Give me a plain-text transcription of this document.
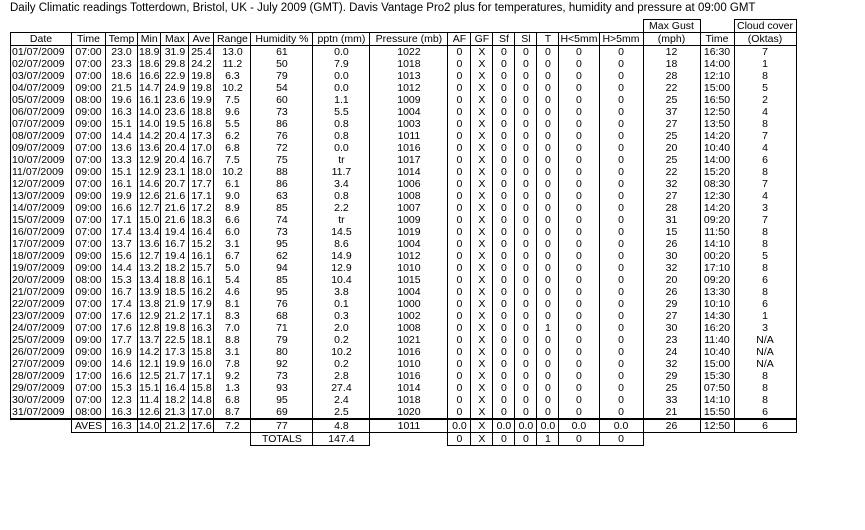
Daily Climatic readings Totterdown, Bristol, UK - July 2009 (GMT). Davis Vantage Pro2 plus for temperatures, humidity and pressure at 09:00 GMT
																	Max Gust		Cloud cover
Date	Time	Temp	Min	Max	Ave	Range	Humidity %	pptn (mm)	Pressure (mb)	AF	GF	Sf	Sl	T	H<5mm	H>5mm	(mph)	Time	(Oktas)
01/07/2009	07:00	23.0	18.9	31.9	25.4	13.0	61	0.0	1022	0	X	0	0	0	0	0	12	16:30	7
02/07/2009	07:00	23.3	18.6	29.8	24.2	11.2	50	7.9	1018	0	X	0	0	0	0	0	18	14:00	1
03/07/2009	07:00	18.6	16.6	22.9	19.8	6.3	79	0.0	1013	0	X	0	0	0	0	0	28	12:10	8
04/07/2009	09:00	21.5	14.7	24.9	19.8	10.2	54	0.0	1012	0	X	0	0	0	0	0	22	15:00	5
05/07/2009	08:00	19.6	16.1	23.6	19.9	7.5	60	1.1	1009	0	X	0	0	0	0	0	25	16:50	2
06/07/2009	09:00	16.3	14.0	23.6	18.8	9.6	73	5.5	1004	0	X	0	0	0	0	0	37	12:50	4
07/07/2009	09:00	15.1	14.0	19.5	16.8	5.5	86	0.8	1003	0	X	0	0	0	0	0	27	13:50	8
08/07/2009	07:00	14.4	14.2	20.4	17.3	6.2	76	0.8	1011	0	X	0	0	0	0	0	25	14:20	7
09/07/2009	07:00	13.6	13.6	20.4	17.0	6.8	72	0.0	1016	0	X	0	0	0	0	0	20	10:40	4
10/07/2009	07:00	13.3	12.9	20.4	16.7	7.5	75	tr	1017	0	X	0	0	0	0	0	25	14:00	6
11/07/2009	09:00	15.1	12.9	23.1	18.0	10.2	88	11.7	1014	0	X	0	0	0	0	0	22	15:20	8
12/07/2009	07:00	16.1	14.6	20.7	17.7	6.1	86	3.4	1006	0	X	0	0	0	0	0	32	08:30	7
13/07/2009	09:00	19.9	12.6	21.6	17.1	9.0	63	0.8	1008	0	X	0	0	0	0	0	27	12:30	4
14/07/2009	09:00	16.6	12.7	21.6	17.2	8.9	85	2.2	1007	0	X	0	0	0	0	0	28	14:20	3
15/07/2009	07:00	17.1	15.0	21.6	18.3	6.6	74	tr	1009	0	X	0	0	0	0	0	31	09:20	7
16/07/2009	07:00	17.4	13.4	19.4	16.4	6.0	73	14.5	1019	0	X	0	0	0	0	0	15	11:50	8
17/07/2009	07:00	13.7	13.6	16.7	15.2	3.1	95	8.6	1004	0	X	0	0	0	0	0	26	14:10	8
18/07/2009	09:00	15.6	12.7	19.4	16.1	6.7	62	14.9	1012	0	X	0	0	0	0	0	30	00:20	5
19/07/2009	09:00	14.4	13.2	18.2	15.7	5.0	94	12.9	1010	0	X	0	0	0	0	0	32	17:10	8
20/07/2009	08:00	15.3	13.4	18.8	16.1	5.4	85	10.4	1015	0	X	0	0	0	0	0	20	09:20	6
21/07/2009	09:00	16.7	13.9	18.5	16.2	4.6	95	3.8	1004	0	X	0	0	0	0	0	26	13:30	8
22/07/2009	07:00	17.4	13.8	21.9	17.9	8.1	76	0.1	1000	0	X	0	0	0	0	0	29	10:10	6
23/07/2009	07:00	17.6	12.9	21.2	17.1	8.3	68	0.3	1002	0	X	0	0	0	0	0	27	14:30	1
24/07/2009	07:00	17.6	12.8	19.8	16.3	7.0	71	2.0	1008	0	X	0	0	1	0	0	30	16:20	3
25/07/2009	09:00	17.7	13.7	22.5	18.1	8.8	79	0.2	1021	0	X	0	0	0	0	0	23	11:40	N/A
26/07/2009	09:00	16.9	14.2	17.3	15.8	3.1	80	10.2	1016	0	X	0	0	0	0	0	24	10:40	N/A
27/07/2009	09:00	14.6	12.1	19.9	16.0	7.8	92	0.2	1010	0	X	0	0	0	0	0	32	15:00	N/A
28/07/2009	17:00	16.6	12.5	21.7	17.1	9.2	73	2.8	1016	0	X	0	0	0	0	0	29	15:30	8
29/07/2009	07:00	15.3	15.1	16.4	15.8	1.3	93	27.4	1014	0	X	0	0	0	0	0	25	07:50	8
30/07/2009	07:00	12.3	11.4	18.2	14.8	6.8	95	2.4	1018	0	X	0	0	0	0	0	33	14:10	8
31/07/2009	08:00	16.3	12.6	21.3	17.0	8.7	69	2.5	1020	0	X	0	0	0	0	0	21	15:50	6
	AVES	16.3	14.0	21.2	17.6	7.2	77	4.8	1011	0.0	X	0.0	0.0	0.0	0.0	0.0	26	12:50	6
							TOTALS	147.4		0	X	0	0	1	0	0			
